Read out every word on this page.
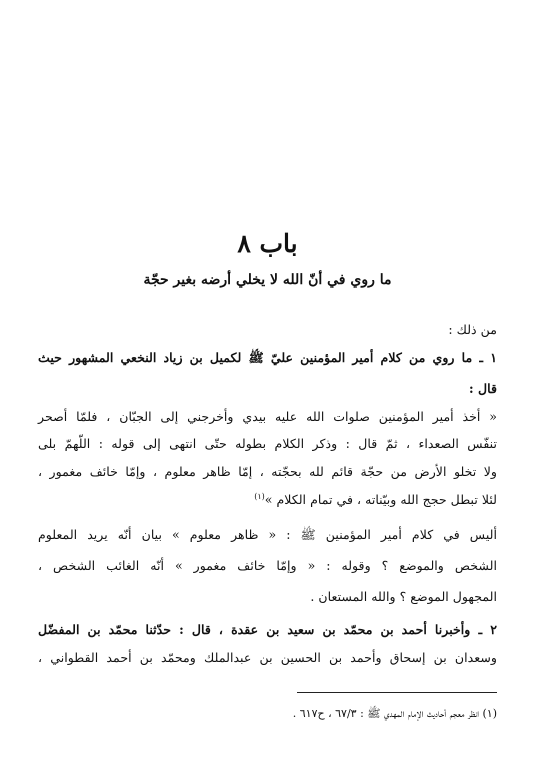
باب ٨
ما روي في أنّ الله لا يخلي أرضه بغير حجّة
من ذلك :
١ ـ ما روي من كلام أمير المؤمنين عليّ ﷺ لكميل بن زياد النخعي المشهور حيث
قال :
« أخذ أمير المؤمنين صلوات الله عليه بيدي وأخرجني إلى الجبّان ، فلمّا أصحر
تنفّس الصعداء ، ثمّ قال : وذكر الكلام بطوله حتّى انتهى إلى قوله : اللّهمّ بلى
ولا تخلو الأرض من حجّة قائم لله بحجّته ، إمّا ظاهر معلوم ، وإمّا خائف مغمور ،
لئلا تبطل حجج الله وبيّناته ، في تمام الكلام »$^{(١)}$
أليس في كلام أمير المؤمنين ﷺ : « ظاهر معلوم » بيان أنّه يريد المعلوم
الشخص والموضع ؟ وقوله : « وإمّا خائف مغمور » أنّه الغائب الشخص ،
المجهول الموضع ؟ والله المستعان .
٢ ـ وأخبرنا أحمد بن محمّد بن سعيد بن عقدة ، قال : حدّثنا محمّد بن المفضّل
وسعدان بن إسحاق وأحمد بن الحسين بن عبدالملك ومحمّد بن أحمد القطواني ،
(١) انظر معجم أحاديث الإمام المهدي ﷺ : ٦٧/٣ ، ح٦١٧ .
